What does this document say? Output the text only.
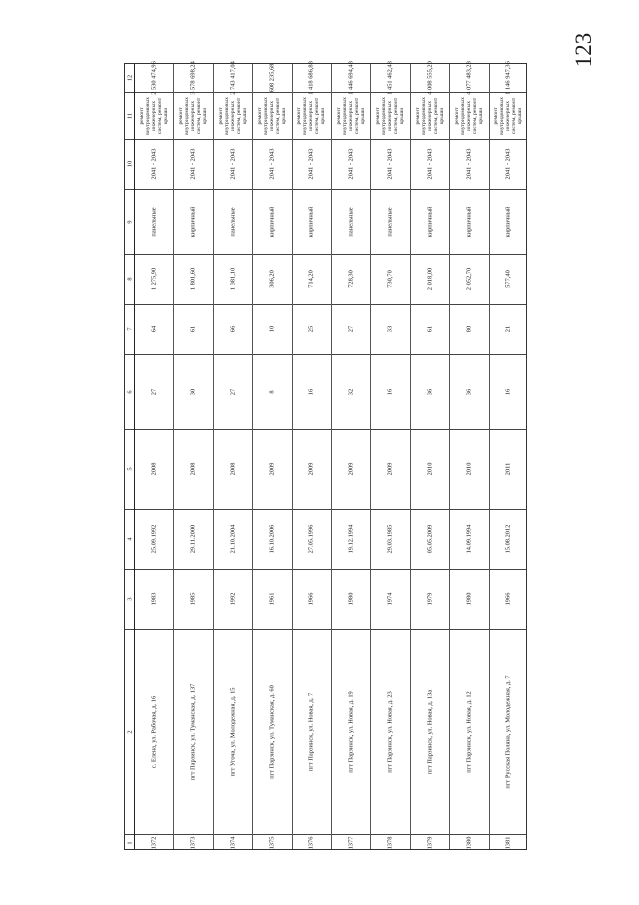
123
1
2
3
4
5
6
7
8
9
10
11
12
1372
с. Елена, ул. Рабочая, д. 16
1983
25.09.1992
2008
27
64
1 275,90
панельные
2041 - 2043
ремонт внутридомовых инженерных систем, ремонт крыши
2 530 474,96
1373
пгт Парзинск, ул. Туманская, д. 137
1985
29.11.2000
2008
30
61
1 801,60
кирпичный
2041 - 2043
ремонт внутридомовых инженерных систем, ремонт крыши
3 578 698,24
1374
пгт Угоча, ул. Молодежная, д. 15
1992
21.10.2004
2008
27
66
1 381,10
панельные
2041 - 2043
ремонт внутридомовых инженерных систем, ремонт крыши
2 743 417,04
1375
пгт Парзинск, ул. Туманская, д. 60
1961
16.10.2006
2009
8
10
306,20
кирпичный
2041 - 2043
ремонт внутридомовых инженерных систем, ремонт крыши
608 235,68
1376
пгт Парзинск, ул. Новая, д. 7
1966
27.05.1996
2009
16
25
714,20
кирпичный
2041 - 2043
ремонт внутридомовых инженерных систем, ремонт крыши
1 418 686,88
1377
пгт Парзинск, ул. Новая, д. 19
1980
19.12.1994
2009
32
27
728,30
панельные
2041 - 2043
ремонт внутридомовых инженерных систем, ремонт крыши
1 446 694,48
1378
пгт Парзинск, ул. Новая, д. 23
1974
29.03.1985
2009
16
33
730,70
панельные
2041 - 2043
ремонт внутридомовых инженерных систем, ремонт крыши
1 451 462,48
1379
пгт Парзинск, ул. Новая, д. 13а
1979
05.05.2009
2010
36
61
2 018,00
кирпичный
2041 - 2043
ремонт внутридомовых инженерных систем, ремонт крыши
4 008 555,20
1380
пгт Парзинск, ул. Новая, д. 12
1980
14.09.1994
2010
36
80
2 052,70
кирпичный
2041 - 2043
ремонт внутридомовых инженерных систем, ремонт крыши
4 077 483,28
1381
пгт Русская Поляна, ул. Молодежная, д. 7
1966
15.08.2012
2011
16
21
577,40
кирпичный
2041 - 2043
ремонт внутридомовых инженерных систем, ремонт крыши
1 146 947,36
